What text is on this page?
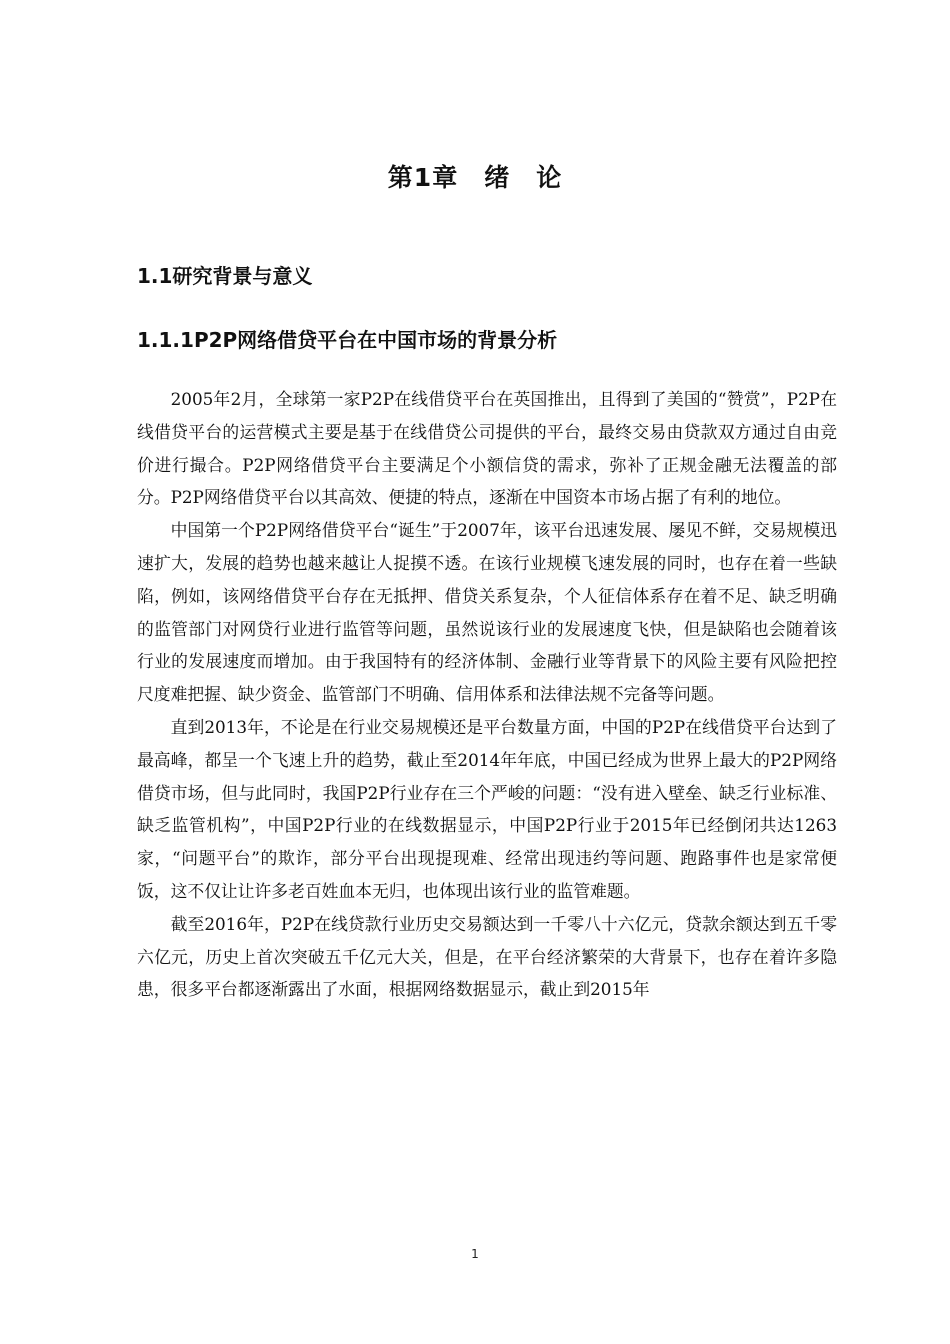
第1章　绪　论
1.1研究背景与意义
1.1.1P2P网络借贷平台在中国市场的背景分析

2005年2月，全球第一家P2P在线借贷平台在英国推出，且得到了美国的“赞赏”，P2P在线借贷平台的运营模式主要是基于在线借贷公司提供的平台，最终交易由贷款双方通过自由竞价进行撮合。P2P网络借贷平台主要满足个小额信贷的需求，弥补了正规金融无法覆盖的部分。P2P网络借贷平台以其高效、便捷的特点，逐渐在中国资本市场占据了有利的地位。

中国第一个P2P网络借贷平台“诞生”于2007年，该平台迅速发展、屡见不鲜，交易规模迅速扩大，发展的趋势也越来越让人捉摸不透。在该行业规模飞速发展的同时，也存在着一些缺陷，例如，该网络借贷平台存在无抵押、借贷关系复杂，个人征信体系存在着不足、缺乏明确的监管部门对网贷行业进行监管等问题，虽然说该行业的发展速度飞快，但是缺陷也会随着该行业的发展速度而增加。由于我国特有的经济体制、金融行业等背景下的风险主要有风险把控尺度难把握、缺少资金、监管部门不明确、信用体系和法律法规不完备等问题。

直到2013年，不论是在行业交易规模还是平台数量方面，中国的P2P在线借贷平台达到了最高峰，都呈一个飞速上升的趋势，截止至2014年年底，中国已经成为世界上最大的P2P网络借贷市场，但与此同时，我国P2P行业存在三个严峻的问题：“没有进入壁垒、缺乏行业标准、缺乏监管机构”，中国P2P行业的在线数据显示，中国P2P行业于2015年已经倒闭共达1263家，“问题平台”的欺诈，部分平台出现提现难、经常出现违约等问题、跑路事件也是家常便饭，这不仅让让许多老百姓血本无归，也体现出该行业的监管难题。

截至2016年，P2P在线贷款行业历史交易额达到一千零八十六亿元，贷款余额达到五千零六亿元，历史上首次突破五千亿元大关，但是，在平台经济繁荣的大背景下，也存在着许多隐患，很多平台都逐渐露出了水面，根据网络数据显示，截止到2015年

1
